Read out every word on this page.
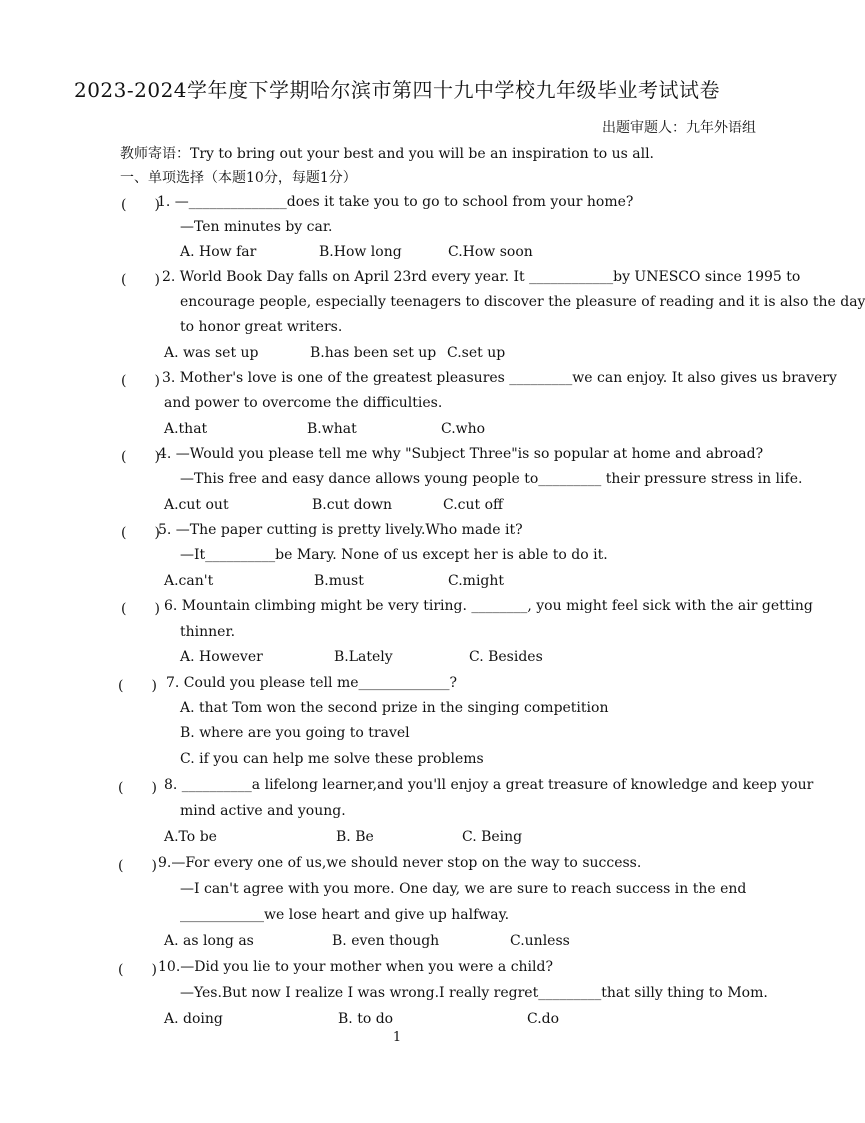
2023-2024学年度下学期哈尔滨市第四十九中学校九年级毕业考试试卷
出题审题人：九年外语组
教师寄语：Try to bring out your best and you will be an inspiration to us all.
一、单项选择（本题10分，每题1分）
(　　)
1. —______________does it take you to go to school from your home?
—Ten minutes by car.
A. How far	B.How long	C.How soon
(　　) 2. World Book Day falls on April 23rd every year. It ____________by UNESCO since 1995 to
encourage people, especially teenagers to discover the pleasure of reading and it is also the day
to honor great writers.
A. was set up	B.has been set up C.set up
(　　) 3. Mother's love is one of the greatest pleasures _________we can enjoy. It also gives us bravery
and power to overcome the difficulties.
A.that	B.what	C.who
(　　)
4. —Would you please tell me why "Subject Three"is so popular at home and abroad?
—This free and easy dance allows young people to_________ their pressure stress in life.
A.cut out	B.cut down	C.cut off
(　　)
5. —The paper cutting is pretty lively.Who made it?
—It__________be Mary. None of us except her is able to do it.
A.can't	B.must	C.might
(　　) 6. Mountain climbing might be very tiring. ________, you might feel sick with the air getting
thinner.
A. However	B.Lately	C. Besides
(　　) 7. Could you please tell me_____________?
A. that Tom won the second prize in the singing competition
B. where are you going to travel
C. if you can help me solve these problems
(　　) 8. __________a lifelong learner,and you'll enjoy a great treasure of knowledge and keep your
mind active and young.
A.To be	B. Be	C. Being
(　　) 9.—For every one of us,we should never stop on the way to success.
—I can't agree with you more. One day, we are sure to reach success in the end
____________we lose heart and give up halfway.
A. as long as	B. even though	C.unless
(　　) 10.—Did you lie to your mother when you were a child?
—Yes.But now I realize I was wrong.I really regret_________that silly thing to Mom.
A. doing	B. to do	C.do
1
